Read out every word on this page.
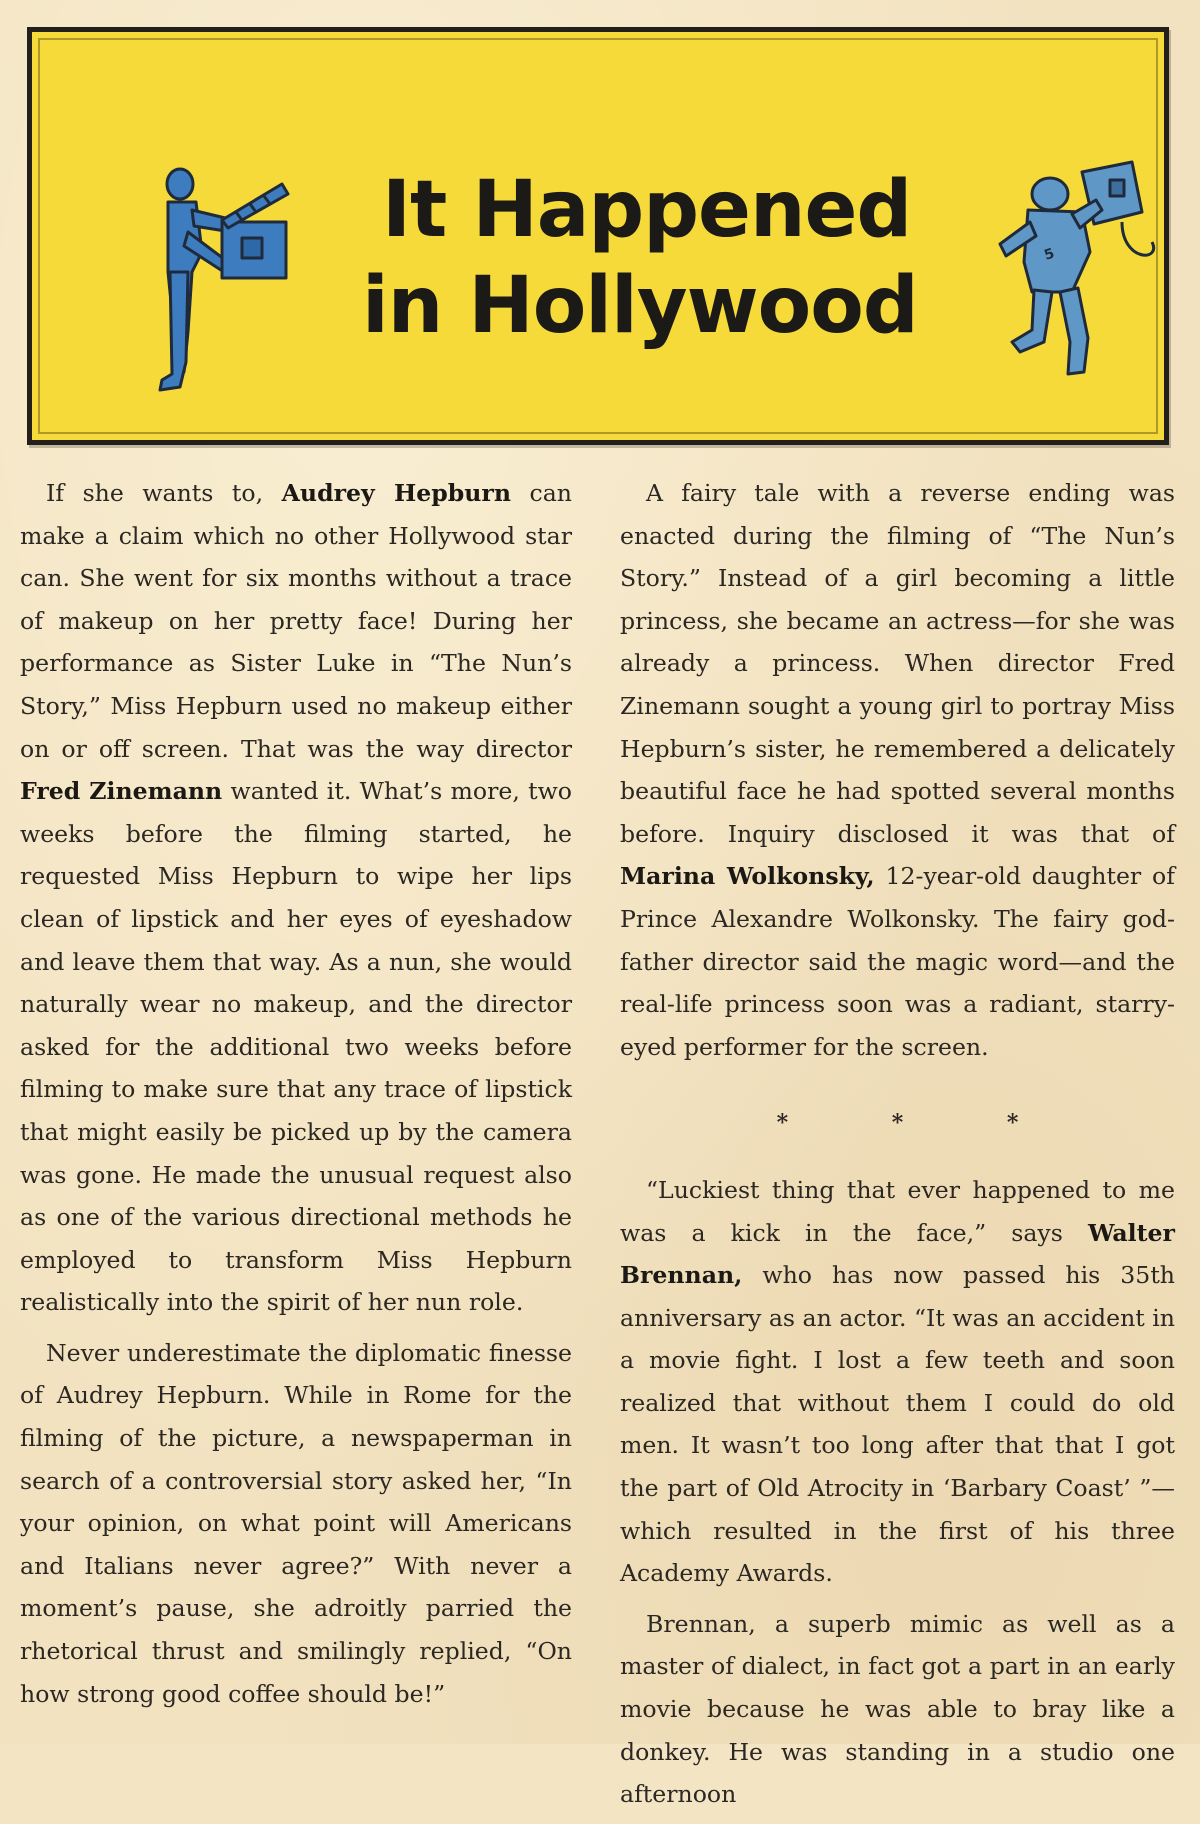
It Happened
in Hollywood
5

If she wants to, Audrey Hepburn can make a claim which no other Hollywood star can. She went for six months without a trace of makeup on her pretty face! During her performance as Sister Luke in “The Nun’s Story,” Miss Hepburn used no makeup either on or off screen. That was the way director Fred Zinemann wanted it. What’s more, two weeks before the filming started, he requested Miss Hepburn to wipe her lips clean of lipstick and her eyes of eyeshadow and leave them that way. As a nun, she would naturally wear no makeup, and the director asked for the additional two weeks before filming to make sure that any trace of lipstick that might easily be picked up by the camera was gone. He made the unusual request also as one of the various directional methods he employed to transform Miss Hepburn realistically into the spirit of her nun role.

Never underestimate the diplomatic finesse of Audrey Hepburn. While in Rome for the filming of the picture, a newspaperman in search of a controversial story asked her, “In your opinion, on what point will Americans and Italians never agree?” With never a moment’s pause, she adroitly parried the rhetorical thrust and smilingly replied, “On how strong good coffee should be!”

A fairy tale with a reverse ending was enacted during the filming of “The Nun’s Story.” Instead of a girl becoming a little princess, she became an actress—for she was already a princess. When director Fred Zinemann sought a young girl to portray Miss Hepburn’s sister, he remembered a delicately beautiful face he had spotted several months before. Inquiry disclosed it was that of Marina Wolkonsky, 12-year-old daughter of Prince Alexandre Wolkonsky. The fairy god-father director said the magic word—and the real-life princess soon was a radiant, starry-eyed performer for the screen.

* * *

“Luckiest thing that ever happened to me was a kick in the face,” says Walter Brennan, who has now passed his 35th anniversary as an actor. “It was an accident in a movie fight. I lost a few teeth and soon realized that without them I could do old men. It wasn’t too long after that that I got the part of Old Atrocity in ‘Barbary Coast’ ”—which resulted in the first of his three Academy Awards.

Brennan, a superb mimic as well as a master of dialect, in fact got a part in an early movie because he was able to bray like a donkey. He was standing in a studio one afternoon
